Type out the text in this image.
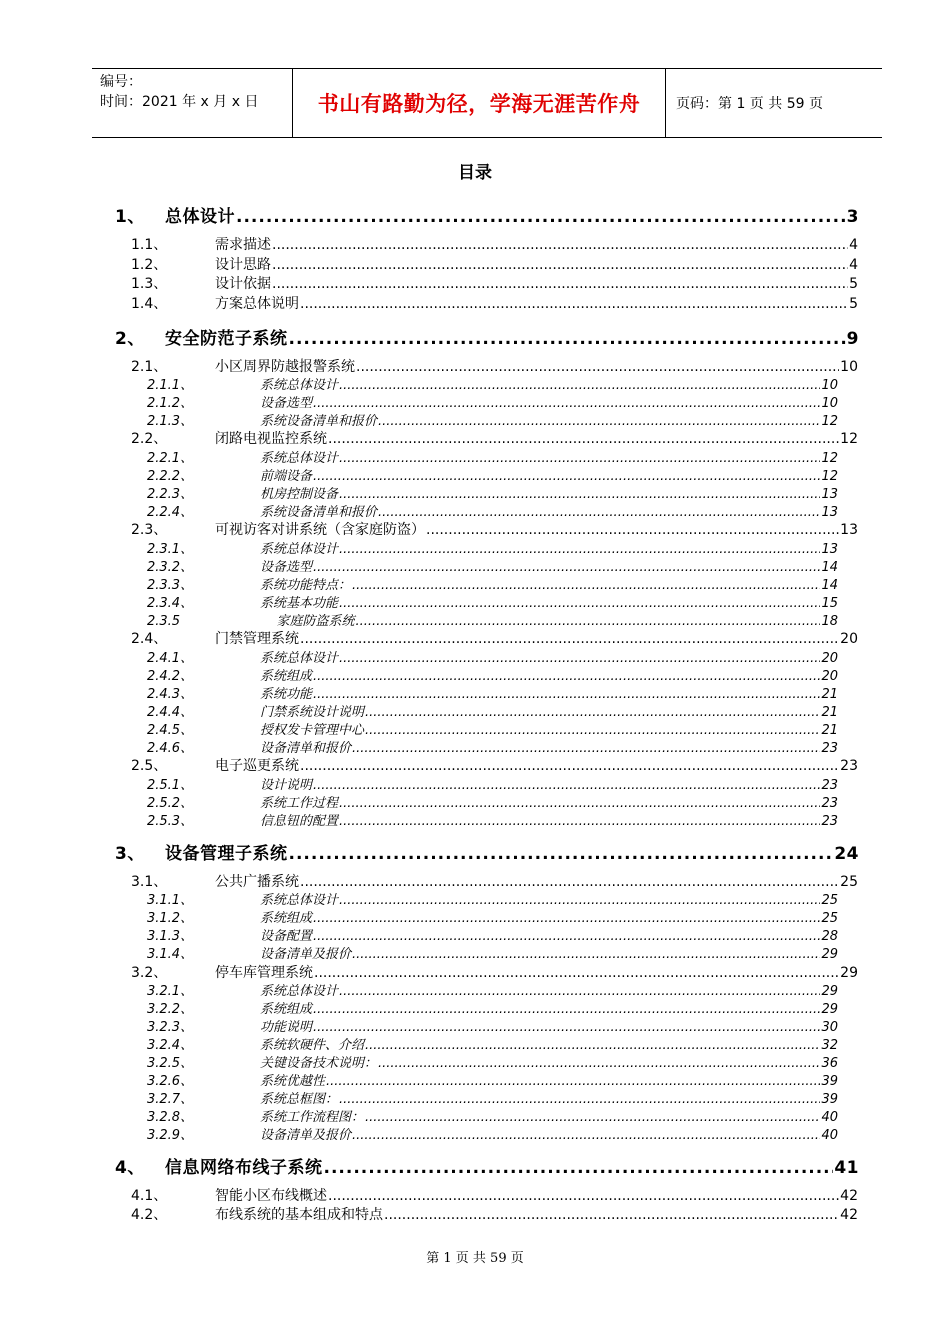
编号：
时间：2021 年 x 月 x 日	书山有路勤为径，学海无涯苦作舟	页码：第 1 页 共 59 页
目录
1、	总体设计 .....	3
1.1、	需求描述 .....	4
1.2、	设计思路 .....	4
1.3、	设计依据 .....	5
1.4、	方案总体说明 .....	5
2、	安全防范子系统 .....	9
2.1、	小区周界防越报警系统 .....	10
2.1.1、	系统总体设计 .....	10
2.1.2、	设备选型 .....	10
2.1.3、	系统设备清单和报价 .....	12
2.2、	闭路电视监控系统 .....	12
2.2.1、	系统总体设计 .....	12
2.2.2、	前端设备 .....	12
2.2.3、	机房控制设备 .....	13
2.2.4、	系统设备清单和报价 .....	13
2.3、	可视访客对讲系统（含家庭防盗） .....	13
2.3.1、	系统总体设计 .....	13
2.3.2、	设备选型 .....	14
2.3.3、	系统功能特点： .....	14
2.3.4、	系统基本功能 .....	15
2.3.5	家庭防盗系统 .....	18
2.4、	门禁管理系统 .....	20
2.4.1、	系统总体设计 .....	20
2.4.2、	系统组成 .....	20
2.4.3、	系统功能 .....	21
2.4.4、	门禁系统设计说明 .....	21
2.4.5、	授权发卡管理中心 .....	21
2.4.6、	设备清单和报价 .....	23
2.5、	电子巡更系统 .....	23
2.5.1、	设计说明 .....	23
2.5.2、	系统工作过程 .....	23
2.5.3、	信息钮的配置 .....	23
3、	设备管理子系统 .....	24
3.1、	公共广播系统 .....	25
3.1.1、	系统总体设计 .....	25
3.1.2、	系统组成 .....	25
3.1.3、	设备配置 .....	28
3.1.4、	设备清单及报价 .....	29
3.2、	停车库管理系统 .....	29
3.2.1、	系统总体设计 .....	29
3.2.2、	系统组成 .....	29
3.2.3、	功能说明 .....	30
3.2.4、	系统软硬件、介绍 .....	32
3.2.5、	关键设备技术说明： .....	36
3.2.6、	系统优越性 .....	39
3.2.7、	系统总框图： .....	39
3.2.8、	系统工作流程图： .....	40
3.2.9、	设备清单及报价 .....	40
4、	信息网络布线子系统 .....	41
4.1、	智能小区布线概述 .....	42
4.2、	布线系统的基本组成和特点 .....	42
第 1 页 共 59 页
